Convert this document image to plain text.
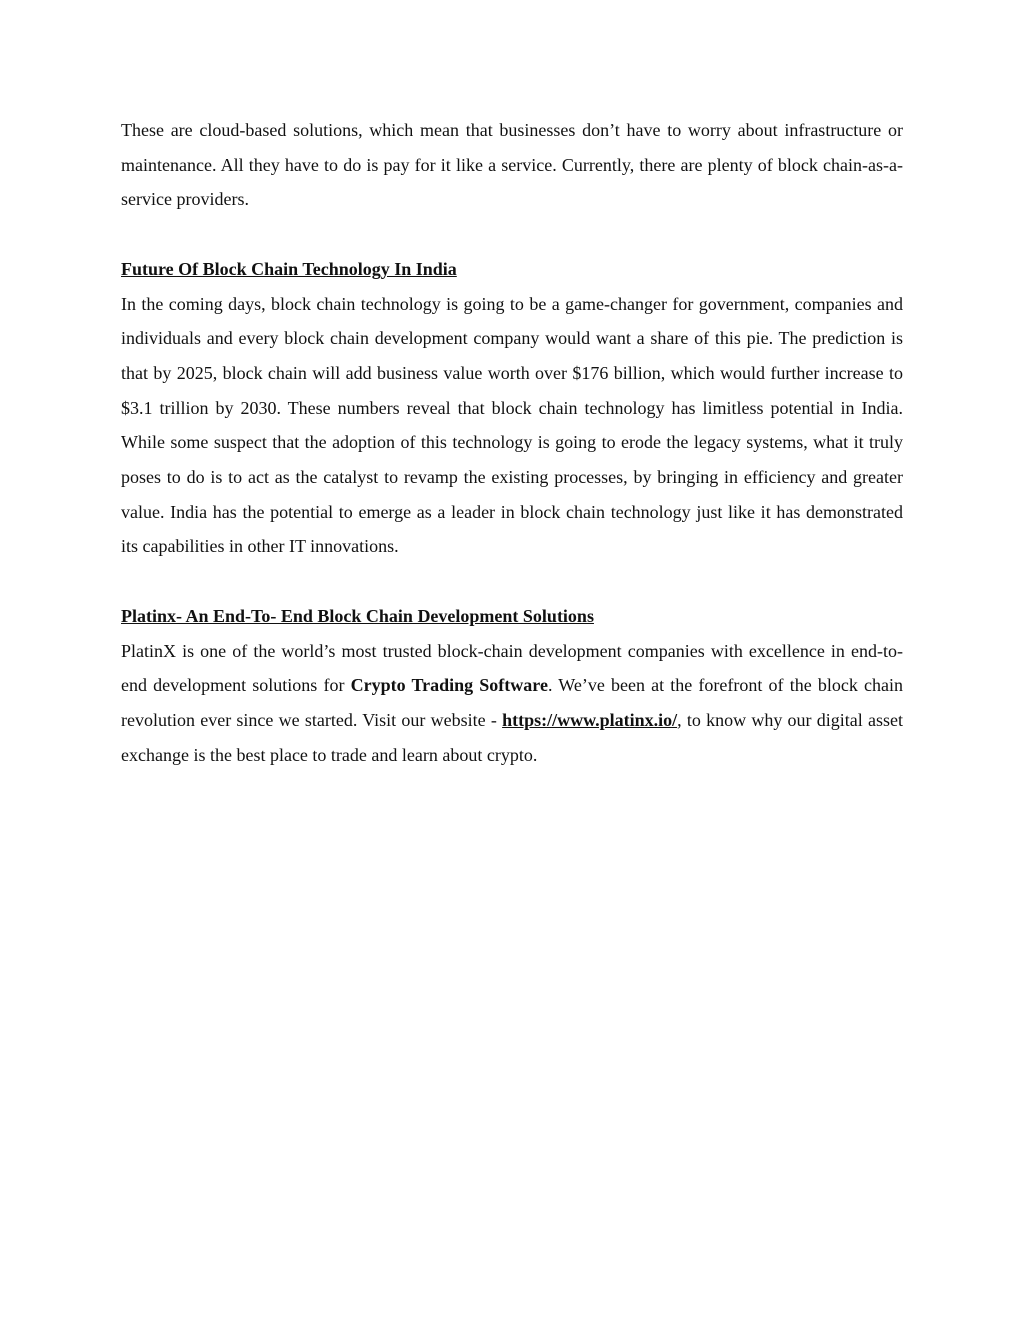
These are cloud-based solutions, which mean that businesses don’t have to worry about infrastructure or maintenance. All they have to do is pay for it like a service. Currently, there are plenty of block chain-as-a-service providers.

Future Of Block Chain Technology In India

In the coming days, block chain technology is going to be a game-changer for government, companies and individuals and every block chain development company would want a share of this pie. The prediction is that by 2025, block chain will add business value worth over $176 billion, which would further increase to $3.1 trillion by 2030. These numbers reveal that block chain technology has limitless potential in India. While some suspect that the adoption of this technology is going to erode the legacy systems, what it truly poses to do is to act as the catalyst to revamp the existing processes, by bringing in efficiency and greater value. India has the potential to emerge as a leader in block chain technology just like it has demonstrated its capabilities in other IT innovations.

Platinx- An End-To- End Block Chain Development Solutions

PlatinX is one of the world’s most trusted block-chain development companies with excellence in end-to-end development solutions for Crypto Trading Software. We’ve been at the forefront of the block chain revolution ever since we started. Visit our website - https://www.platinx.io/, to know why our digital asset exchange is the best place to trade and learn about crypto.
